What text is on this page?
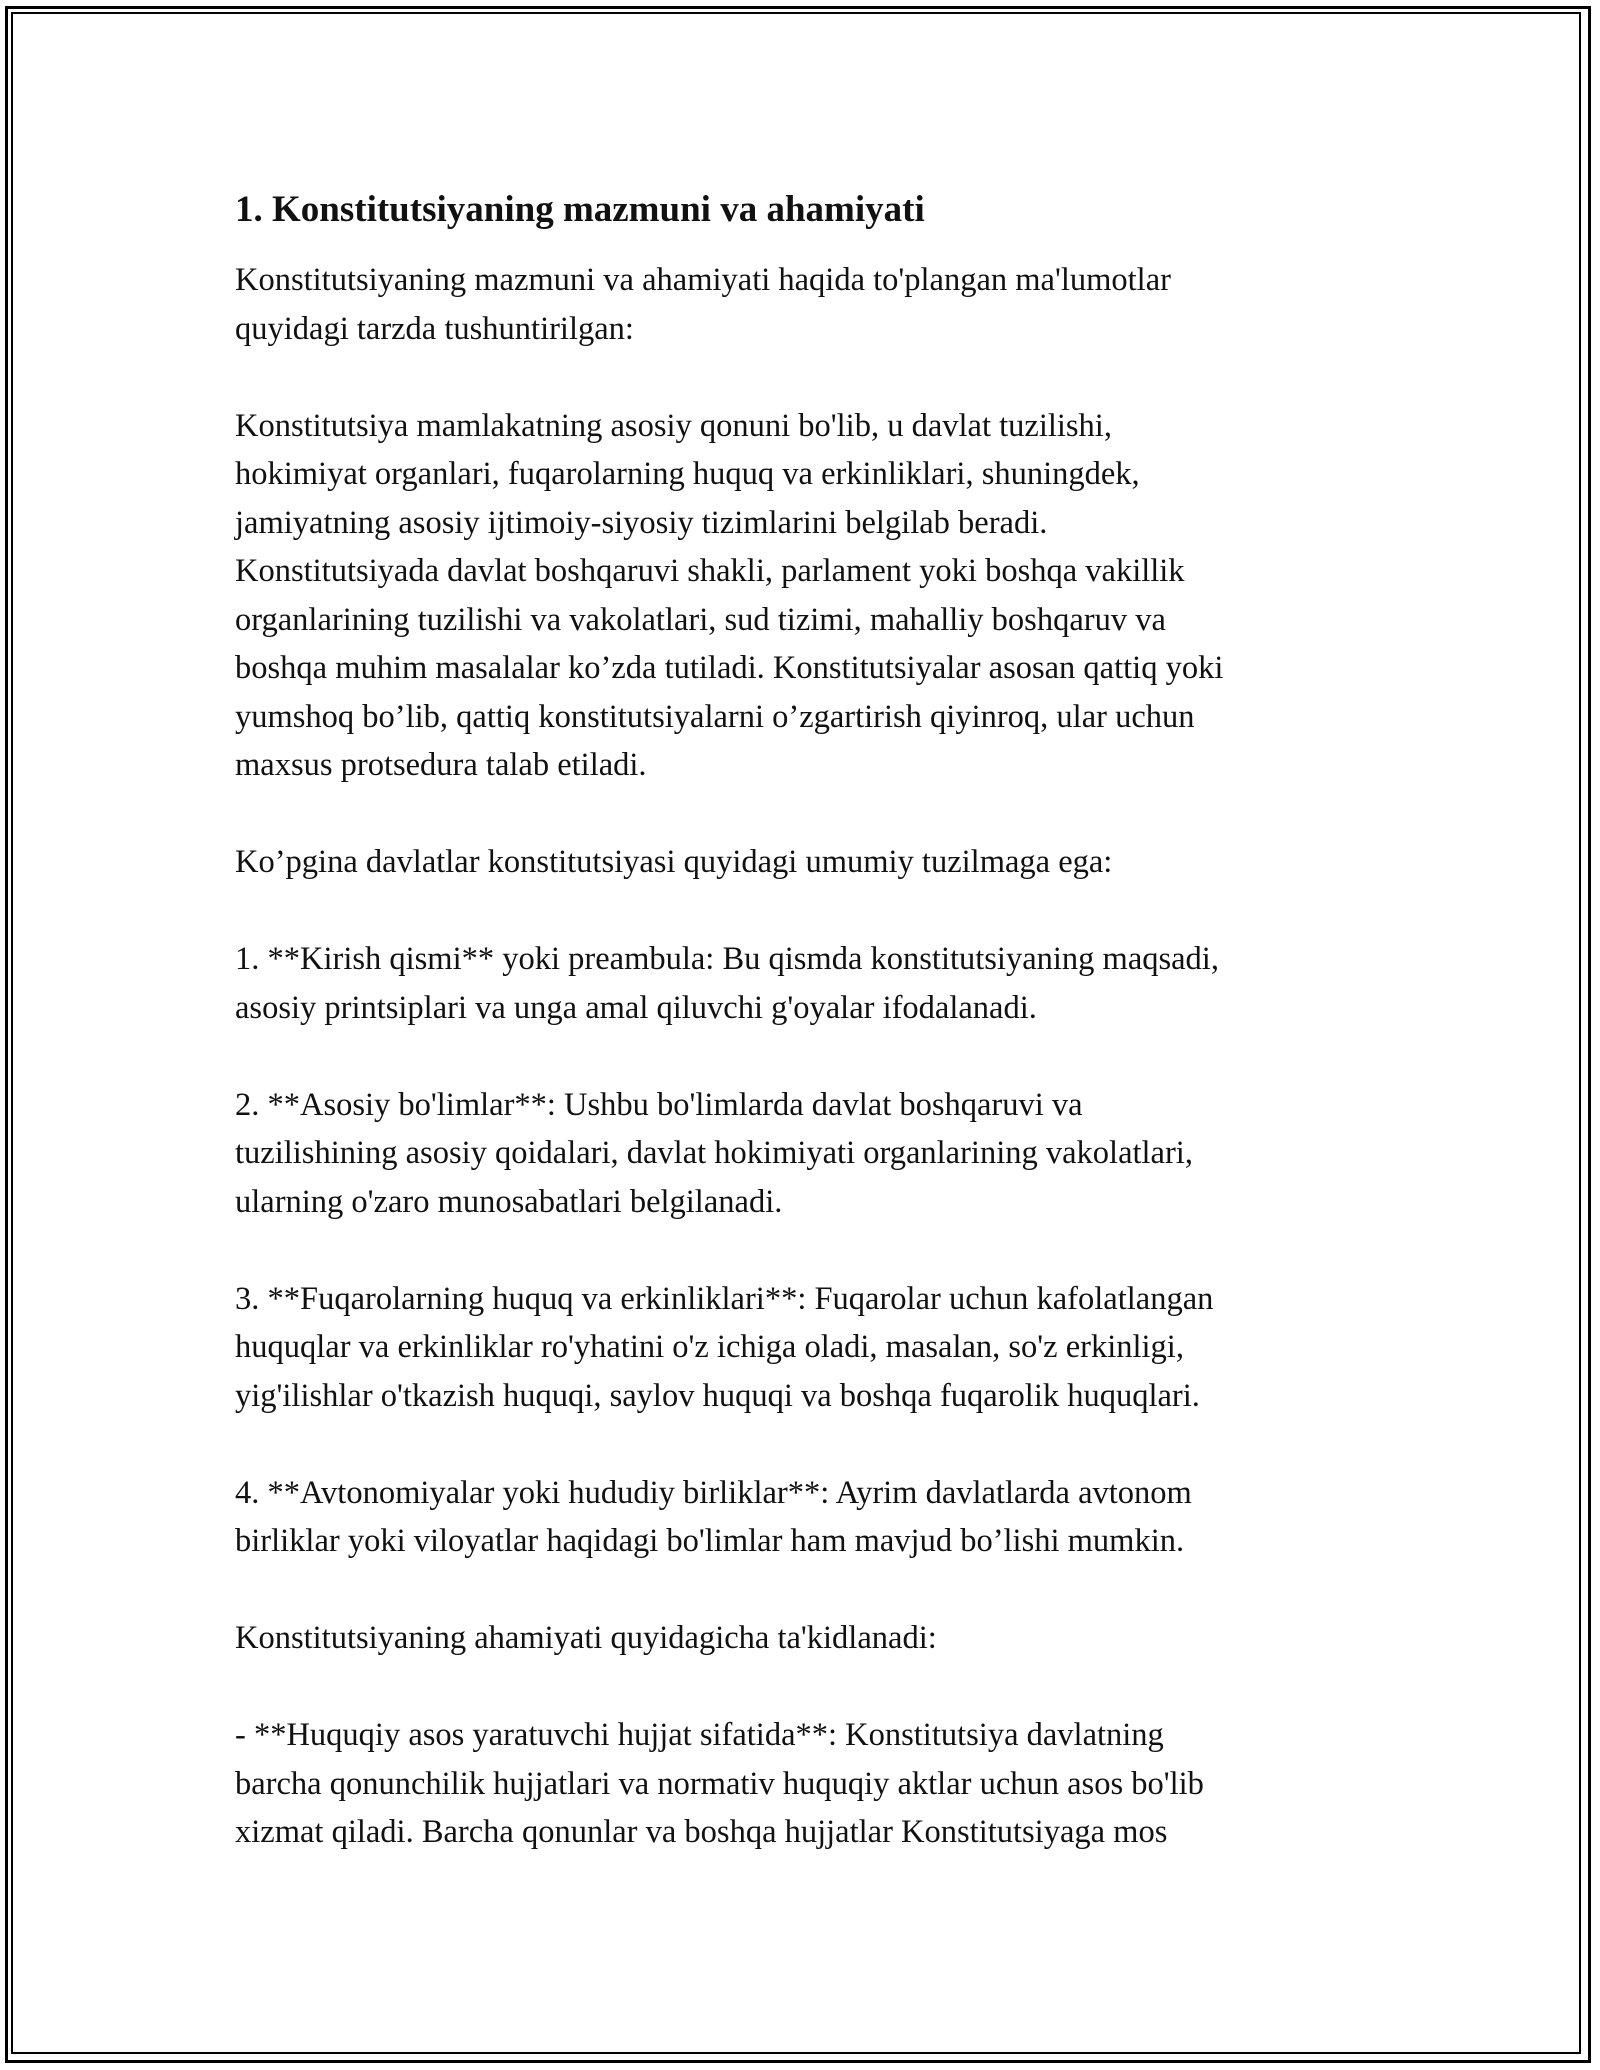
1. Konstitutsiyaning mazmuni va ahamiyati

Konstitutsiyaning mazmuni va ahamiyati haqida to'plangan ma'lumotlar
quyidagi tarzda tushuntirilgan:

Konstitutsiya mamlakatning asosiy qonuni bo'lib, u davlat tuzilishi,
hokimiyat organlari, fuqarolarning huquq va erkinliklari, shuningdek,
jamiyatning asosiy ijtimoiy-siyosiy tizimlarini belgilab beradi.
Konstitutsiyada davlat boshqaruvi shakli, parlament yoki boshqa vakillik
organlarining tuzilishi va vakolatlari, sud tizimi, mahalliy boshqaruv va
boshqa muhim masalalar ko’zda tutiladi. Konstitutsiyalar asosan qattiq yoki
yumshoq bo’lib, qattiq konstitutsiyalarni o’zgartirish qiyinroq, ular uchun
maxsus protsedura talab etiladi.

Ko’pgina davlatlar konstitutsiyasi quyidagi umumiy tuzilmaga ega:

1. **Kirish qismi** yoki preambula: Bu qismda konstitutsiyaning maqsadi,
asosiy printsiplari va unga amal qiluvchi g'oyalar ifodalanadi.

2. **Asosiy bo'limlar**: Ushbu bo'limlarda davlat boshqaruvi va
tuzilishining asosiy qoidalari, davlat hokimiyati organlarining vakolatlari,
ularning o'zaro munosabatlari belgilanadi.

3. **Fuqarolarning huquq va erkinliklari**: Fuqarolar uchun kafolatlangan
huquqlar va erkinliklar ro'yhatini o'z ichiga oladi, masalan, so'z erkinligi,
yig'ilishlar o'tkazish huquqi, saylov huquqi va boshqa fuqarolik huquqlari.

4. **Avtonomiyalar yoki hududiy birliklar**: Ayrim davlatlarda avtonom
birliklar yoki viloyatlar haqidagi bo'limlar ham mavjud bo’lishi mumkin.

Konstitutsiyaning ahamiyati quyidagicha ta'kidlanadi:

- **Huquqiy asos yaratuvchi hujjat sifatida**: Konstitutsiya davlatning
barcha qonunchilik hujjatlari va normativ huquqiy aktlar uchun asos bo'lib
xizmat qiladi. Barcha qonunlar va boshqa hujjatlar Konstitutsiyaga mos
